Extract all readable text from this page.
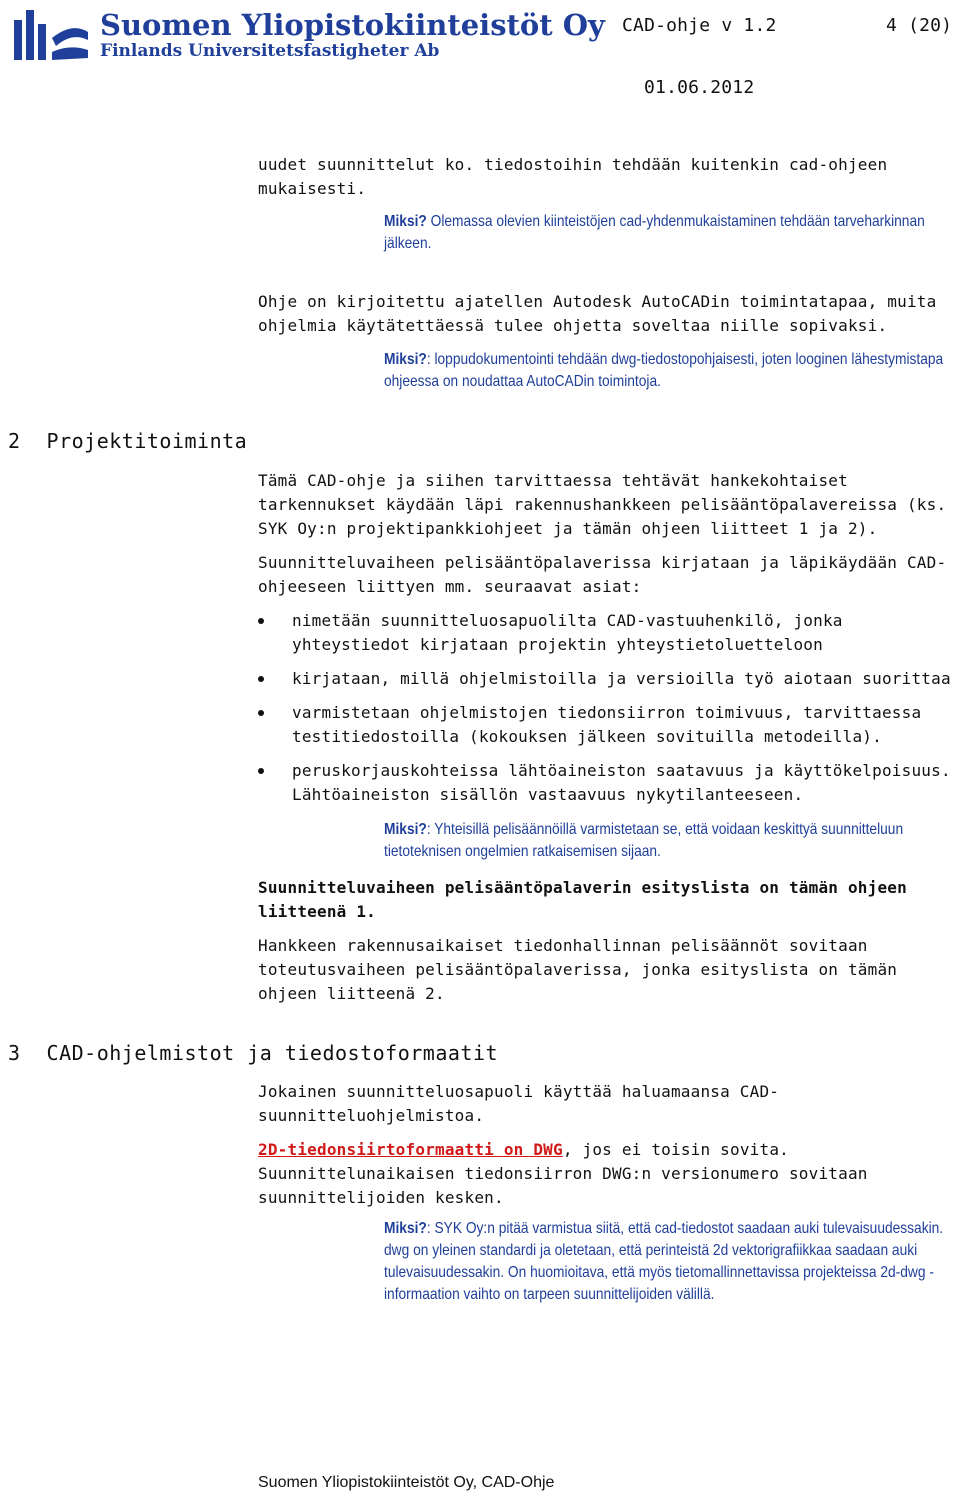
Suomen Yliopistokiinteistöt Oy
Finlands Universitetsfastigheter Ab
CAD-ohje v 1.2	4 (20)
01.06.2012

uudet suunnittelut ko. tiedostoihin tehdään kuitenkin cad-ohjeen mukaisesti.

Miksi? Olemassa olevien kiinteistöjen cad-yhdenmukaistaminen tehdään tarveharkinnan jälkeen.

Ohje on kirjoitettu ajatellen Autodesk AutoCADin toimintatapaa, muita ohjelmia käytätettäessä tulee ohjetta soveltaa niille sopivaksi.

Miksi?: loppudokumentointi tehdään dwg-tiedostopohjaisesti, joten looginen lähestymistapa ohjeessa on noudattaa AutoCADin toimintoja.
2 Projektitoiminta

Tämä CAD-ohje ja siihen tarvittaessa tehtävät hankekohtaiset tarkennukset käydään läpi rakennushankkeen pelisääntöpalavereissa (ks. SYK Oy:n projektipankkiohjeet ja tämän ohjeen liitteet 1 ja 2).

Suunnitteluvaiheen pelisääntöpalaverissa kirjataan ja läpikäydään CAD-ohjeeseen liittyen mm. seuraavat asiat:

nimetään suunnitteluosapuolilta CAD-vastuuhenkilö, jonka yhteystiedot kirjataan projektin yhteystietoluetteloon
kirjataan, millä ohjelmistoilla ja versioilla työ aiotaan suorittaa
varmistetaan ohjelmistojen tiedonsiirron toimivuus, tarvittaessa testitiedostoilla (kokouksen jälkeen sovituilla metodeilla).
peruskorjauskohteissa lähtöaineiston saatavuus ja käyttökelpoisuus. Lähtöaineiston sisällön vastaavuus nykytilanteeseen.
Miksi?: Yhteisillä pelisäännöillä varmistetaan se, että voidaan keskittyä suunnitteluun tietoteknisen ongelmien ratkaisemisen sijaan.

Suunnitteluvaiheen pelisääntöpalaverin esityslista on tämän ohjeen liitteenä 1.

Hankkeen rakennusaikaiset tiedonhallinnan pelisäännöt sovitaan toteutusvaiheen pelisääntöpalaverissa, jonka esityslista on tämän ohjeen liitteenä 2.

3 CAD-ohjelmistot ja tiedostoformaatit

Jokainen suunnitteluosapuoli käyttää haluamaansa CAD-suunnitteluohjelmistoa.

2D-tiedonsiirtoformaatti on DWG, jos ei toisin sovita. Suunnittelunaikaisen tiedonsiirron DWG:n versionumero sovitaan suunnittelijoiden kesken.

Miksi?: SYK Oy:n pitää varmistua siitä, että cad-tiedostot saadaan auki tulevaisuudessakin. dwg on yleinen standardi ja oletetaan, että perinteistä 2d vektorigrafiikkaa saadaan auki tulevaisuudessakin. On huomioitava, että myös tietomallinnettavissa projekteissa 2d-dwg -informaation vaihto on tarpeen suunnittelijoiden välillä.
Suomen Yliopistokiinteistöt Oy, CAD-Ohje
